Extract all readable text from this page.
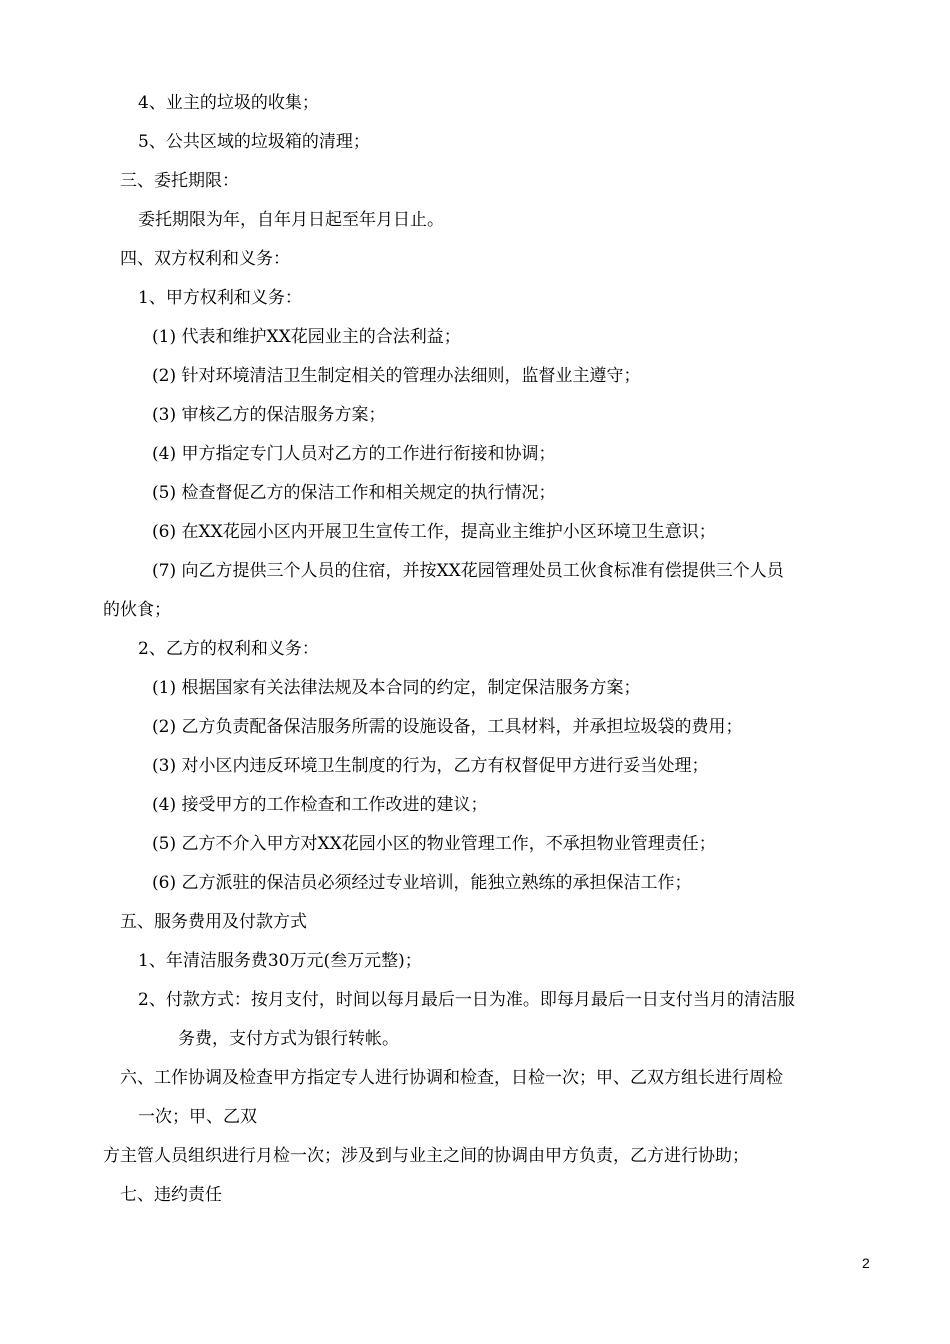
4、业主的垃圾的收集；
5、公共区域的垃圾箱的清理；
三、委托期限：
委托期限为年，自年月日起至年月日止。
四、双方权利和义务：
1、甲方权利和义务：
(1) 代表和维护XX花园业主的合法利益；
(2) 针对环境清洁卫生制定相关的管理办法细则，监督业主遵守；
(3) 审核乙方的保洁服务方案；
(4) 甲方指定专门人员对乙方的工作进行衔接和协调；
(5) 检查督促乙方的保洁工作和相关规定的执行情况；
(6) 在XX花园小区内开展卫生宣传工作，提高业主维护小区环境卫生意识；
(7) 向乙方提供三个人员的住宿，并按XX花园管理处员工伙食标准有偿提供三个人员
的伙食；
2、乙方的权利和义务：
(1) 根据国家有关法律法规及本合同的约定，制定保洁服务方案；
(2) 乙方负责配备保洁服务所需的设施设备，工具材料，并承担垃圾袋的费用；
(3) 对小区内违反环境卫生制度的行为，乙方有权督促甲方进行妥当处理；
(4) 接受甲方的工作检查和工作改进的建议；
(5) 乙方不介入甲方对XX花园小区的物业管理工作，不承担物业管理责任；
(6) 乙方派驻的保洁员必须经过专业培训，能独立熟练的承担保洁工作；
五、服务费用及付款方式
1、年清洁服务费30万元(叁万元整)；
2、付款方式：按月支付，时间以每月最后一日为准。即每月最后一日支付当月的清洁服
务费，支付方式为银行转帐。
六、工作协调及检查甲方指定专人进行协调和检查，日检一次；甲、乙双方组长进行周检
一次；甲、乙双
方主管人员组织进行月检一次；涉及到与业主之间的协调由甲方负责，乙方进行协助；
七、违约责任
2
